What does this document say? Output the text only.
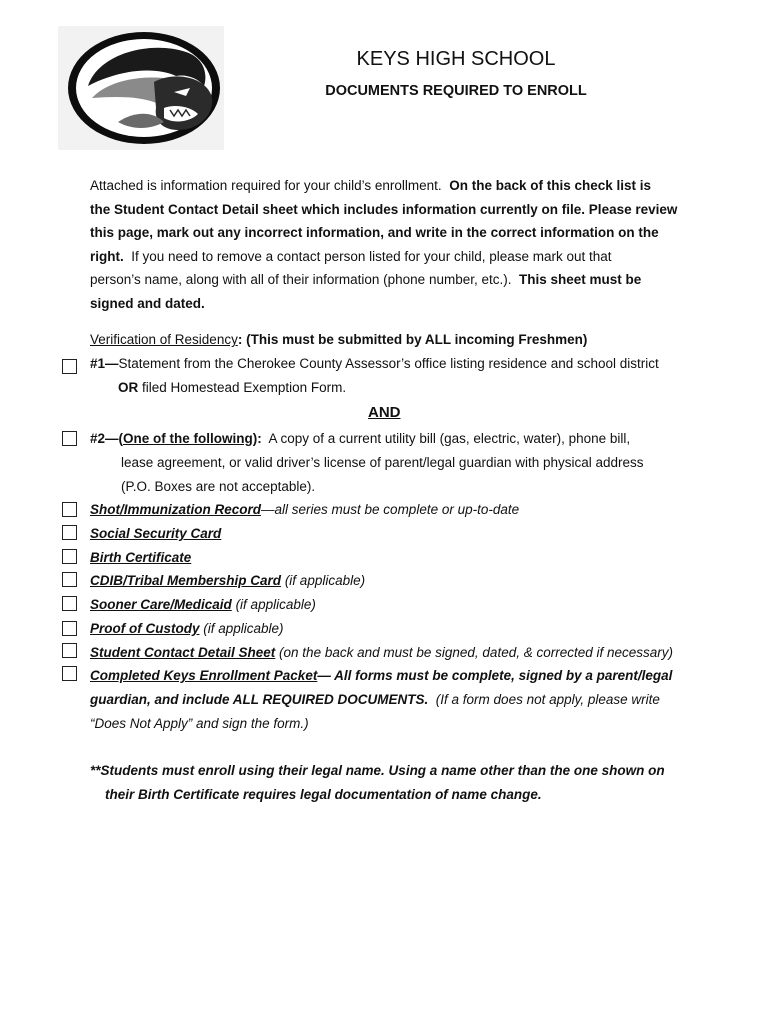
KEYS HIGH SCHOOL
DOCUMENTS REQUIRED TO ENROLL
Attached is information required for your child’s enrollment. On the back of this check list is
the Student Contact Detail sheet which includes information currently on file. Please review
this page, mark out any incorrect information, and write in the correct information on the
right. If you need to remove a contact person listed for your child, please mark out that
person’s name, along with all of their information (phone number, etc.). This sheet must be
signed and dated.
Verification of Residency: (This must be submitted by ALL incoming Freshmen)
#1—Statement from the Cherokee County Assessor’s office listing residence and school district
OR filed Homestead Exemption Form.
AND
#2—(One of the following): A copy of a current utility bill (gas, electric, water), phone bill,
lease agreement, or valid driver’s license of parent/legal guardian with physical address
(P.O. Boxes are not acceptable).
Shot/Immunization Record—all series must be complete or up-to-date
Social Security Card
Birth Certificate
CDIB/Tribal Membership Card (if applicable)
Sooner Care/Medicaid (if applicable)
Proof of Custody (if applicable)
Student Contact Detail Sheet (on the back and must be signed, dated, & corrected if necessary)
Completed Keys Enrollment Packet— All forms must be complete, signed by a parent/legal
guardian, and include ALL REQUIRED DOCUMENTS. (If a form does not apply, please write
“Does Not Apply” and sign the form.)
**Students must enroll using their legal name. Using a name other than the one shown on
their Birth Certificate requires legal documentation of name change.
